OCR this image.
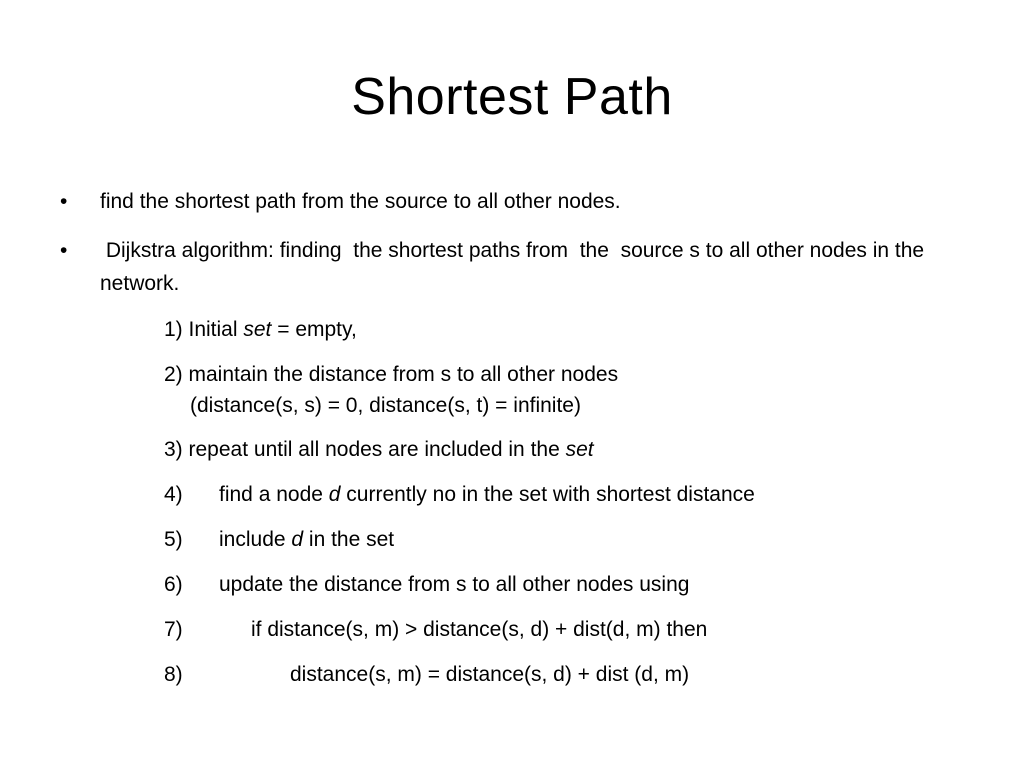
Shortest Path
•	find the shortest path from the source to all other nodes.
•	Dijkstra algorithm: finding  the shortest paths from  the  source s to all other nodes in the network.
1) Initial set = empty,
2) maintain the distance from s to all other nodes
(distance(s, s) = 0, distance(s, t) = infinite)
3) repeat until all nodes are included in the set
4) find a node d currently no in the set with shortest distance
5) include d in the set
6) update the distance from s to all other nodes using
7)	if distance(s, m) > distance(s, d) + dist(d, m) then
8)	distance(s, m) = distance(s, d) + dist (d, m)
